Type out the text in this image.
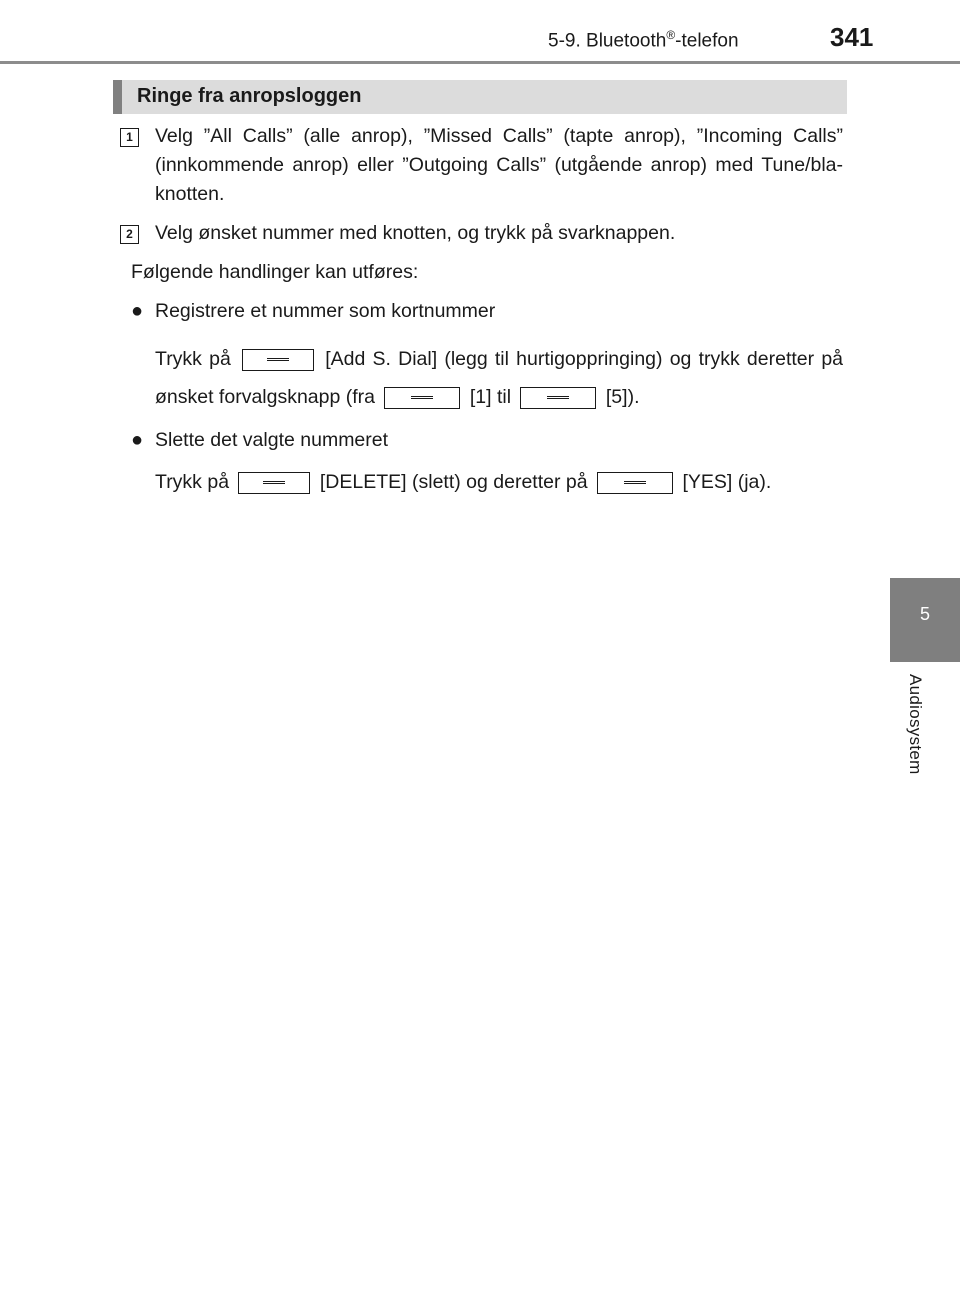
5-9. Bluetooth®-telefon	341
5
Audiosystem
Ringe fra anropsloggen
1	Velg ”All Calls” (alle anrop), ”Missed Calls” (tapte anrop), ”Incoming Calls” (innkommende anrop) eller ”Outgoing Calls” (utgående anrop) med Tune/bla-knotten.
2	Velg ønsket nummer med knotten, og trykk på svarknappen.
Følgende handlinger kan utføres:
● Registrere et nummer som kortnummer
Trykk på	[Add S. Dial] (legg til hurtigoppringing) og trykk deretter på ønsket forvalgsknapp (fra	[1] til	[5]).
● Slette det valgte nummeret
Trykk på	[DELETE] (slett) og deretter på	[YES] (ja).
